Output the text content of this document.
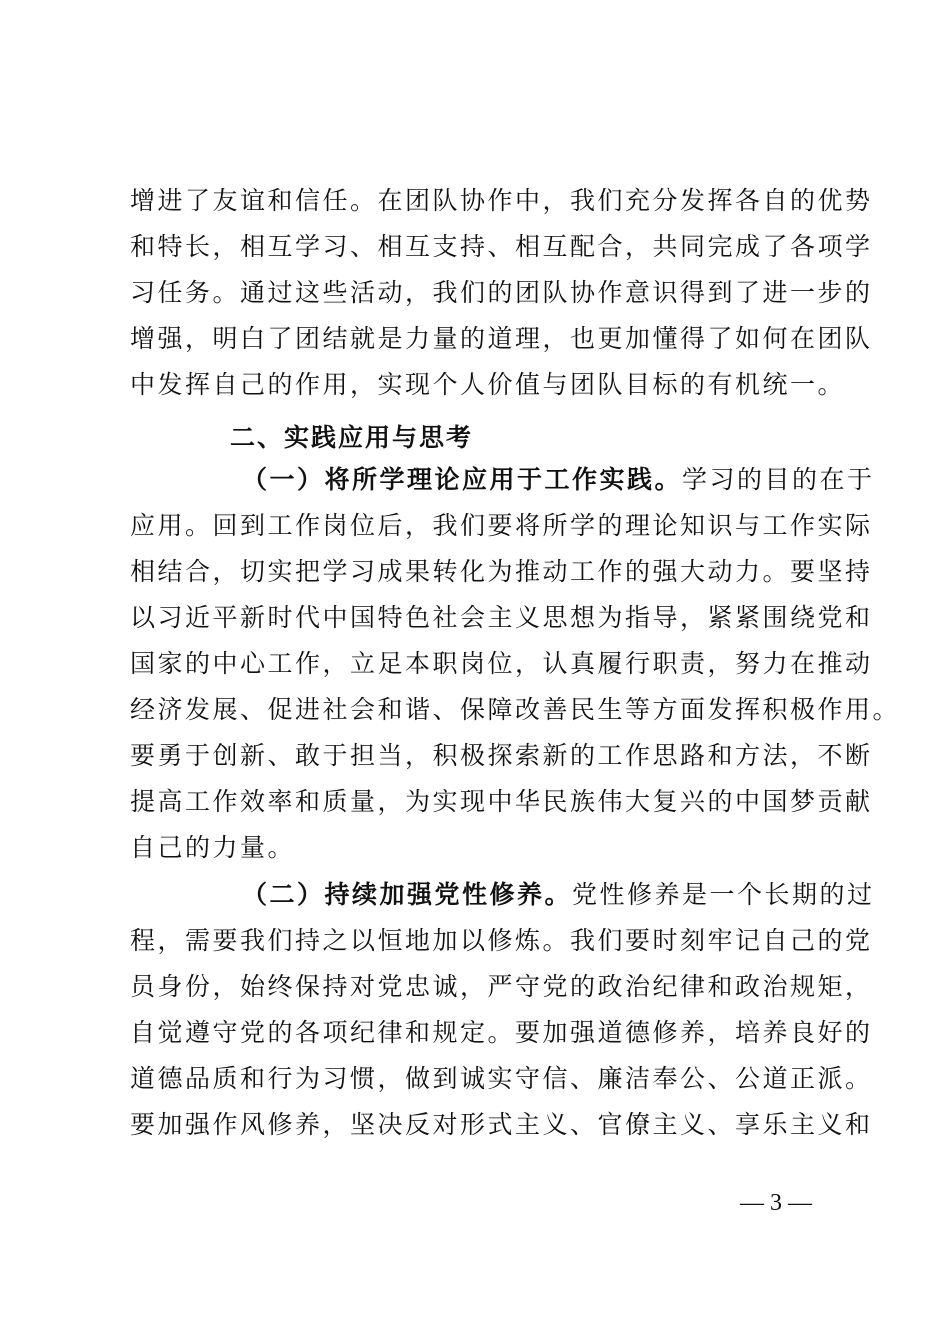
增进了友谊和信任。在团队协作中，我们充分发挥各自的优势
和特长，相互学习、相互支持、相互配合，共同完成了各项学
习任务。通过这些活动，我们的团队协作意识得到了进一步的
增强，明白了团结就是力量的道理，也更加懂得了如何在团队
中发挥自己的作用，实现个人价值与团队目标的有机统一。
二、实践应用与思考
（一）将所学理论应用于工作实践。学习的目的在于
应用。回到工作岗位后，我们要将所学的理论知识与工作实际
相结合，切实把学习成果转化为推动工作的强大动力。要坚持
以习近平新时代中国特色社会主义思想为指导，紧紧围绕党和
国家的中心工作，立足本职岗位，认真履行职责，努力在推动
经济发展、促进社会和谐、保障改善民生等方面发挥积极作用。
要勇于创新、敢于担当，积极探索新的工作思路和方法，不断
提高工作效率和质量，为实现中华民族伟大复兴的中国梦贡献
自己的力量。
（二）持续加强党性修养。党性修养是一个长期的过
程，需要我们持之以恒地加以修炼。我们要时刻牢记自己的党
员身份，始终保持对党忠诚，严守党的政治纪律和政治规矩，
自觉遵守党的各项纪律和规定。要加强道德修养，培养良好的
道德品质和行为习惯，做到诚实守信、廉洁奉公、公道正派。
要加强作风修养，坚决反对形式主义、官僚主义、享乐主义和
— 3 —
